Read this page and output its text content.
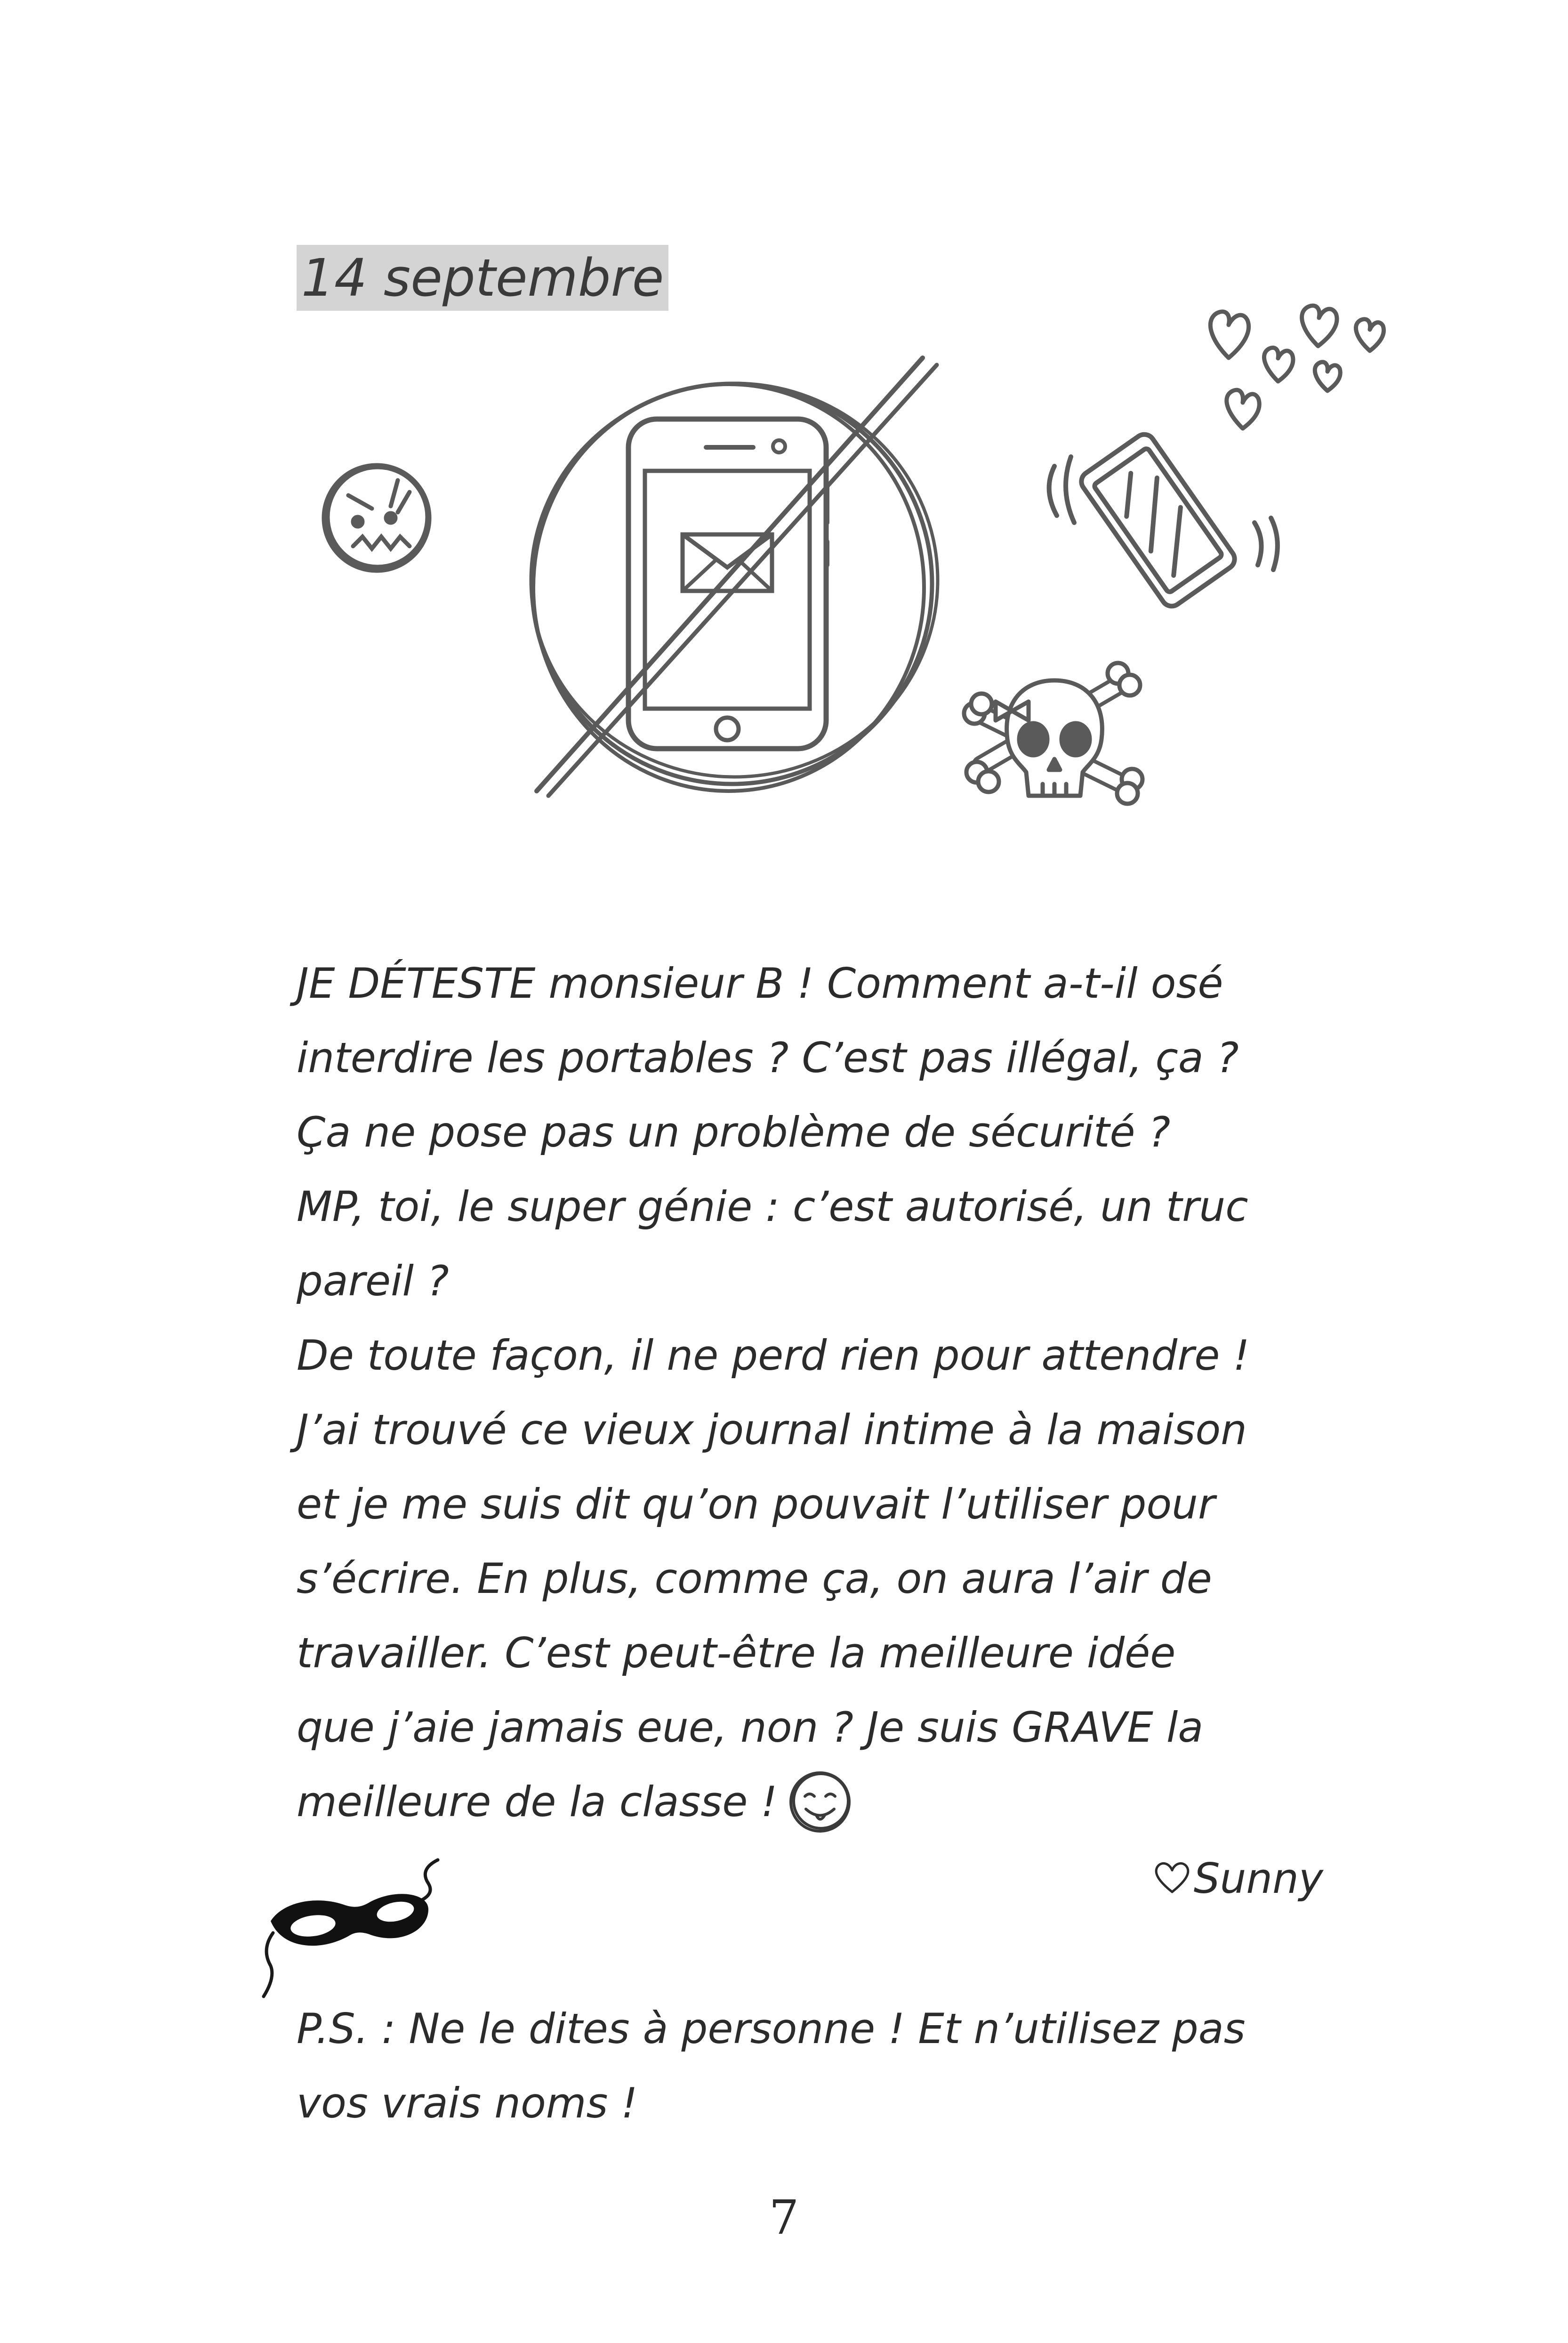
14 septembre

JE DÉTESTE monsieur B ! Comment a-t-il osé

interdire les portables ? C’est pas illégal, ça ?

Ça ne pose pas un problème de sécurité ?

MP, toi, le super génie : c’est autorisé, un truc

pareil ?

De toute façon, il ne perd rien pour attendre !

J’ai trouvé ce vieux journal intime à la maison

et je me suis dit qu’on pouvait l’utiliser pour

s’écrire. En plus, comme ça, on aura l’air de

travailler. C’est peut-être la meilleure idée

que j’aie jamais eue, non ? Je suis GRAVE la

meilleure de la classe !

Sunny

P.S. : Ne le dites à personne ! Et n’utilisez pas

vos vrais noms !

7
